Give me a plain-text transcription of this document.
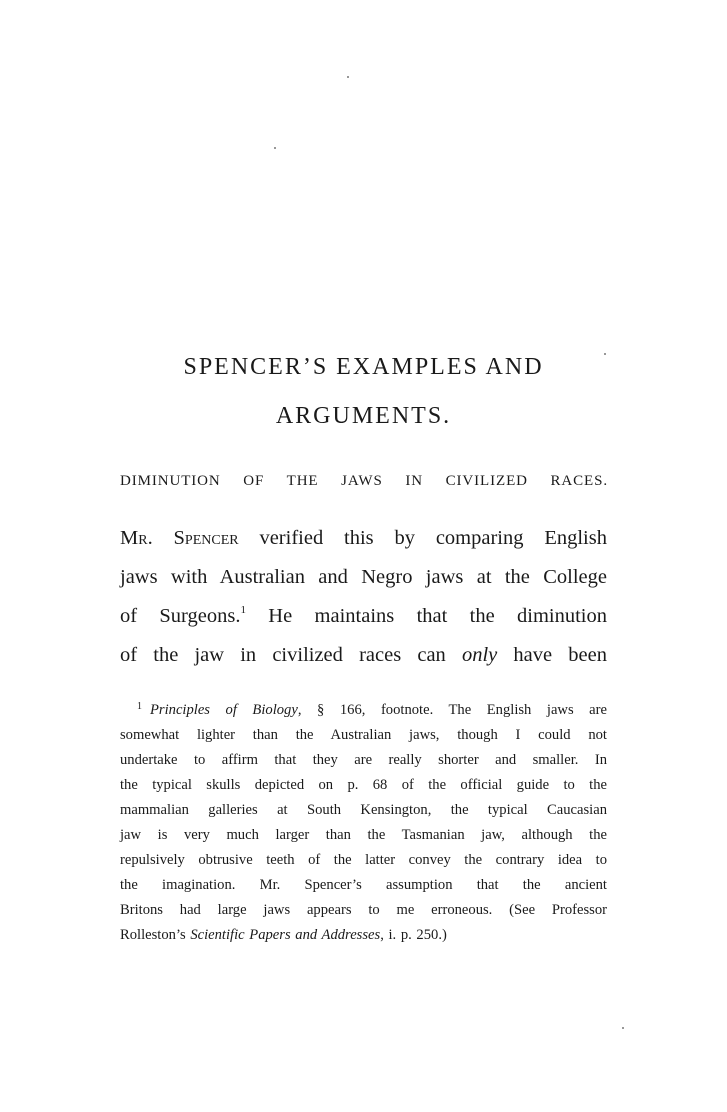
SPENCER’S EXAMPLES AND
ARGUMENTS.
DIMINUTION OF THE JAWS IN CIVILIZED RACES.
Mr. Spencer verified this by comparing English
jaws with Australian and Negro jaws at the College
of Surgeons.$^1$ He maintains that the diminution
of the jaw in civilized races can only have been
$^1$ Principles of Biology, § 166, footnote. The English jaws are
somewhat lighter than the Australian jaws, though I could not
undertake to affirm that they are really shorter and smaller. In
the typical skulls depicted on p. 68 of the official guide to the
mammalian galleries at South Kensington, the typical Caucasian
jaw is very much larger than the Tasmanian jaw, although the
repulsively obtrusive teeth of the latter convey the contrary idea to
the imagination. Mr. Spencer’s assumption that the ancient
Britons had large jaws appears to me erroneous. (See Professor
Rolleston’s Scientific Papers and Addresses, i. p. 250.)
